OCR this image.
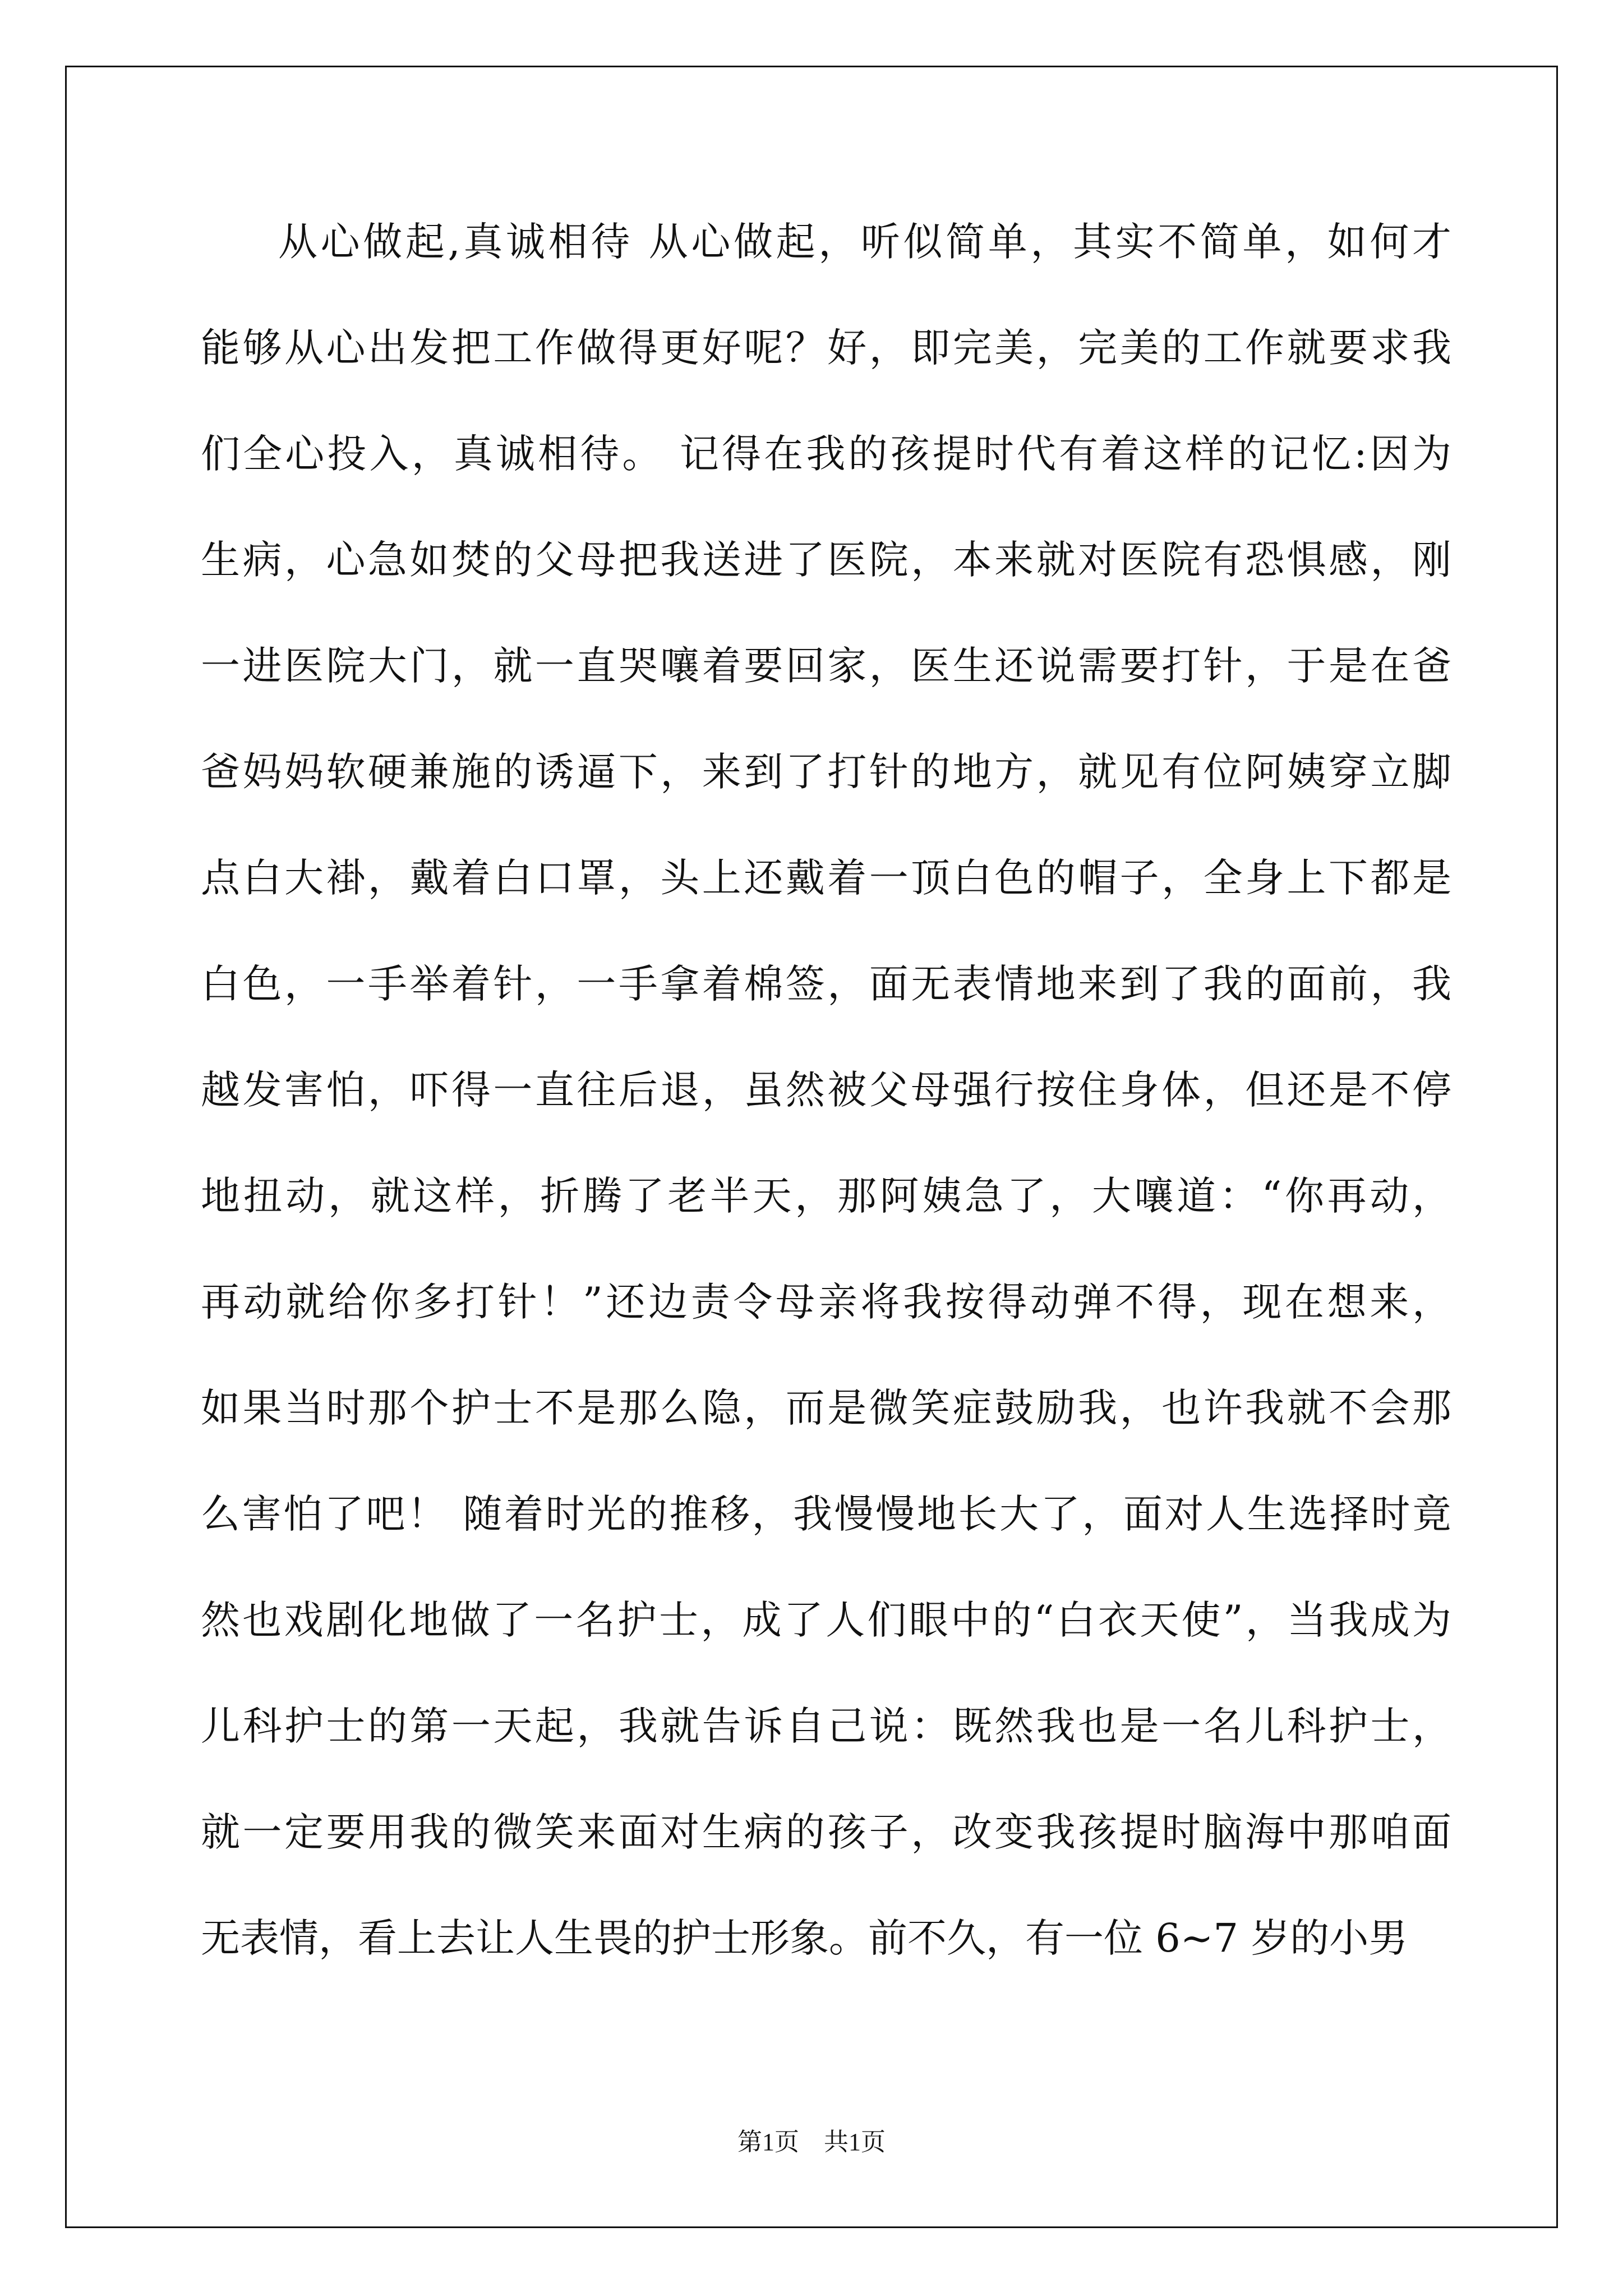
从心做起,真诚相待 从心做起，听似简单，其实不简单，如何才
能够从心出发把工作做得更好呢？好，即完美，完美的工作就要求我
们全心投入，真诚相待。 记得在我的孩提时代有着这样的记忆:因为
生病，心急如焚的父母把我送进了医院，本来就对医院有恐惧感，刚
一进医院大门，就一直哭嚷着要回家，医生还说需要打针，于是在爸
爸妈妈软硬兼施的诱逼下，来到了打针的地方，就见有位阿姨穿立脚
点白大褂，戴着白口罩，头上还戴着一顶白色的帽子，全身上下都是
白色，一手举着针，一手拿着棉签，面无表情地来到了我的面前，我
越发害怕，吓得一直往后退，虽然被父母强行按住身体，但还是不停
地扭动，就这样，折腾了老半天，那阿姨急了，大嚷道：“你再动，
再动就给你多打针！”还边责令母亲将我按得动弹不得，现在想来，
如果当时那个护士不是那么隐，而是微笑症鼓励我，也许我就不会那
么害怕了吧！ 随着时光的推移，我慢慢地长大了，面对人生选择时竟
然也戏剧化地做了一名护士，成了人们眼中的“白衣天使”，当我成为
儿科护士的第一天起，我就告诉自己说：既然我也是一名儿科护士，
就一定要用我的微笑来面对生病的孩子，改变我孩提时脑海中那咱面
无表情，看上去让人生畏的护士形象。前不久，有一位 6~7 岁的小男
第1页　共1页
